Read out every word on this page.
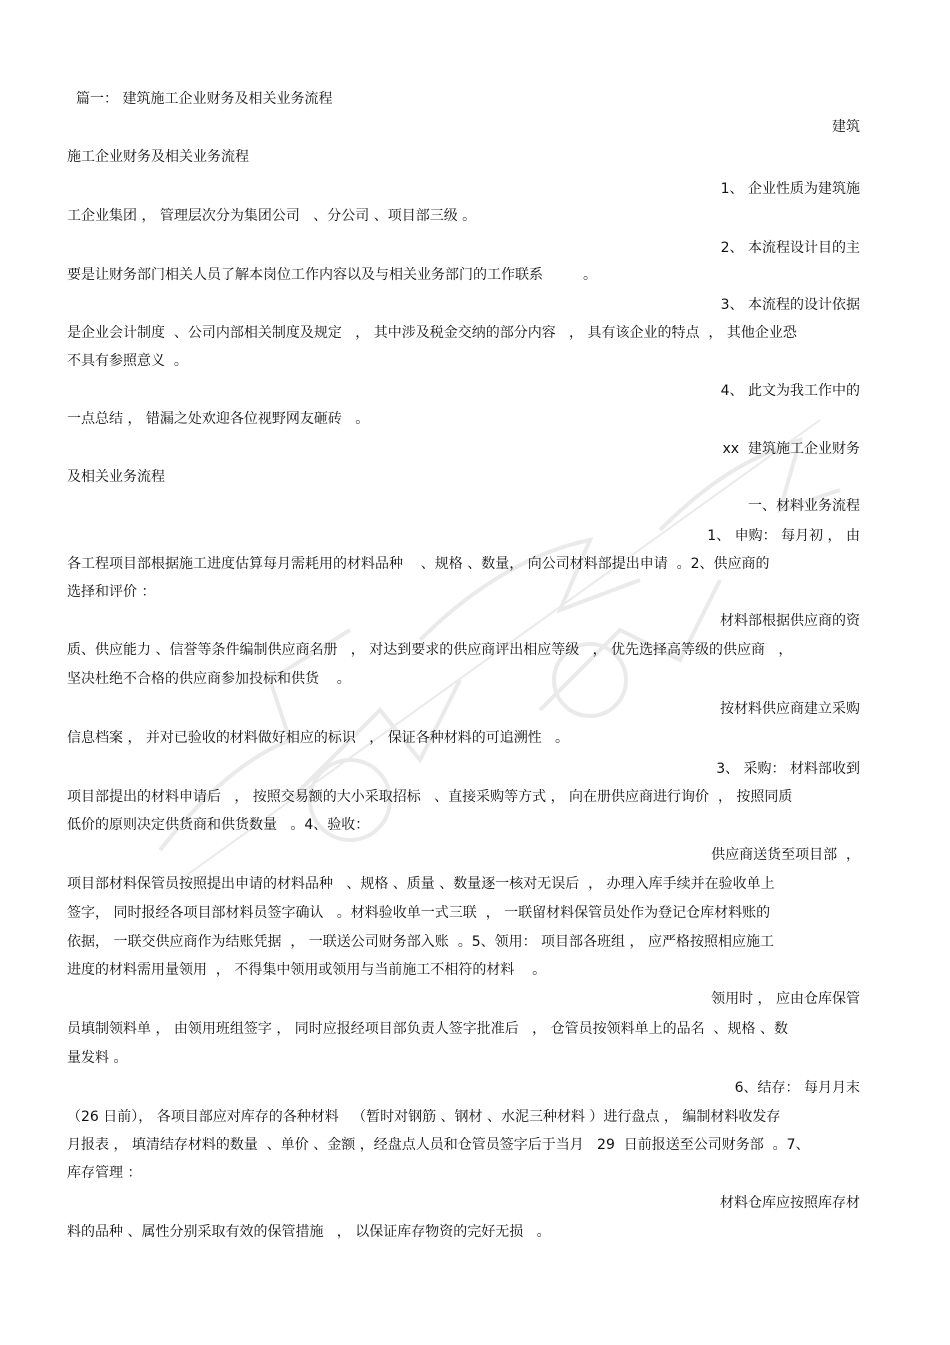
篇一： 建筑施工企业财务及相关业务流程
建筑
施工企业财务及相关业务流程
1、 企业性质为建筑施
工企业集团 ， 管理层次分为集团公司   、分公司 、项目部三级 。
2、 本流程设计目的主
要是让财务部门相关人员了解本岗位工作内容以及与相关业务部门的工作联系         。
3、 本流程的设计依据
是企业会计制度  、公司内部相关制度及规定   ， 其中涉及税金交纳的部分内容   ， 具有该企业的特点  ， 其他企业恐
不具有参照意义  。
4、 此文为我工作中的
一点总结 ， 错漏之处欢迎各位视野网友砸砖   。
xx  建筑施工企业财务
及相关业务流程
一、材料业务流程
1、 申购： 每月初 ， 由
各工程项目部根据施工进度估算每月需耗用的材料品种    、规格 、数量， 向公司材料部提出申请  。2、供应商的
选择和评价 ：
材料部根据供应商的资
质、供应能力 、信誉等条件编制供应商名册   ， 对达到要求的供应商评出相应等级   ， 优先选择高等级的供应商   ，
坚决杜绝不合格的供应商参加投标和供货    。
按材料供应商建立采购
信息档案 ， 并对已验收的材料做好相应的标识   ， 保证各种材料的可追溯性   。
3、 采购： 材料部收到
项目部提出的材料申请后   ， 按照交易额的大小采取招标   、直接采购等方式 ， 向在册供应商进行询价  ， 按照同质
低价的原则决定供货商和供货数量   。4、验收：
供应商送货至项目部  ，
项目部材料保管员按照提出申请的材料品种   、规格 、质量 、数量逐一核对无误后  ， 办理入库手续并在验收单上
签字， 同时报经各项目部材料员签字确认   。材料验收单一式三联  ， 一联留材料保管员处作为登记仓库材料账的
依据， 一联交供应商作为结账凭据  ， 一联送公司财务部入账  。5、领用： 项目部各班组 ， 应严格按照相应施工
进度的材料需用量领用  ， 不得集中领用或领用与当前施工不相符的材料    。
领用时 ， 应由仓库保管
员填制领料单 ， 由领用班组签字 ， 同时应报经项目部负责人签字批准后   ， 仓管员按领料单上的品名  、规格 、数
量发料 。
6、结存： 每月月末
（26 日前）， 各项目部应对库存的各种材料   （暂时对钢筋 、钢材 、水泥三种材料 ）进行盘点 ， 编制材料收发存
月报表 ， 填清结存材料的数量  、单价 、金额 ，经盘点人员和仓管员签字后于当月   29  日前报送至公司财务部  。7、
库存管理 ：
材料仓库应按照库存材
料的品种 、属性分别采取有效的保管措施   ， 以保证库存物资的完好无损   。
